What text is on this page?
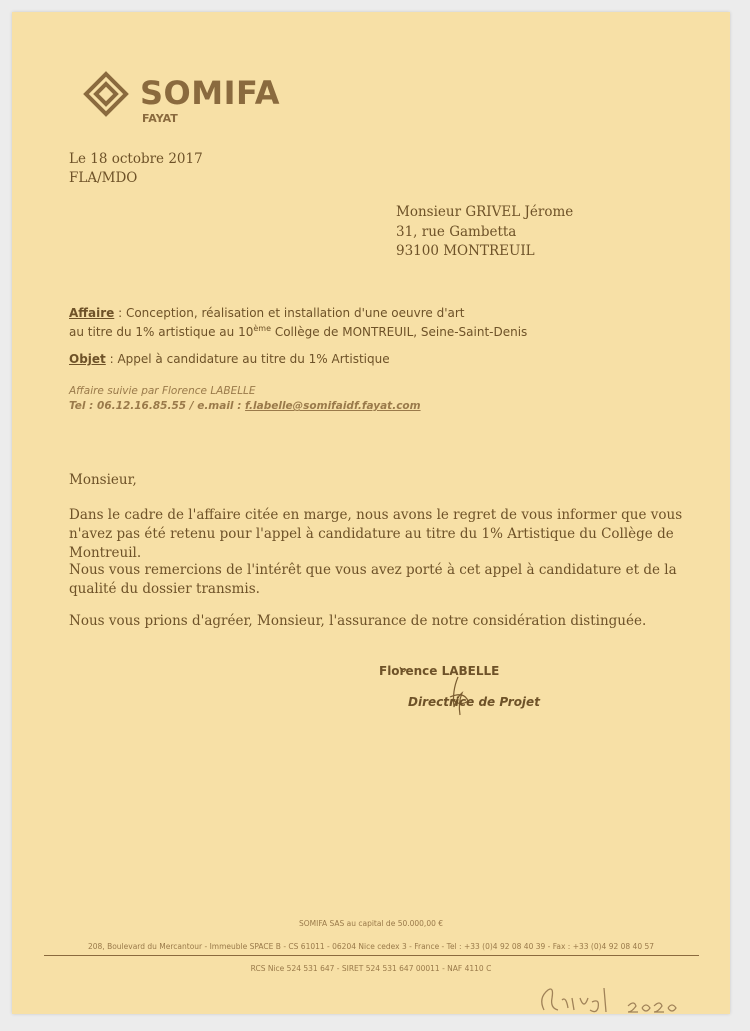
SOMIFA
FAYAT
Le 18 octobre 2017
FLA/MDO
Monsieur GRIVEL Jérome
31, rue Gambetta
93100 MONTREUIL
Affaire : Conception, réalisation et installation d'une oeuvre d'art
au titre du 1% artistique au 10ème Collège de MONTREUIL, Seine-Saint-Denis
Objet : Appel à candidature au titre du 1% Artistique
Affaire suivie par Florence LABELLE
Tel : 06.12.16.85.55 / e.mail : f.labelle@somifaidf.fayat.com
Monsieur,
Dans le cadre de l'affaire citée en marge, nous avons le regret de vous informer que vous n'avez pas été retenu pour l'appel à candidature au titre du 1% Artistique du Collège de Montreuil.
Nous vous remercions de l'intérêt que vous avez porté à cet appel à candidature et de la qualité du dossier transmis.
Nous vous prions d'agréer, Monsieur, l'assurance de notre considération distinguée.
Florence LABELLE
Directrice de Projet
SOMIFA SAS au capital de 50.000,00 €
208, Boulevard du Mercantour - Immeuble SPACE B - CS 61011 - 06204 Nice cedex 3 - France - Tel : +33 (0)4 92 08 40 39 - Fax : +33 (0)4 92 08 40 57
RCS Nice 524 531 647 - SIRET 524 531 647 00011 - NAF 4110 C
